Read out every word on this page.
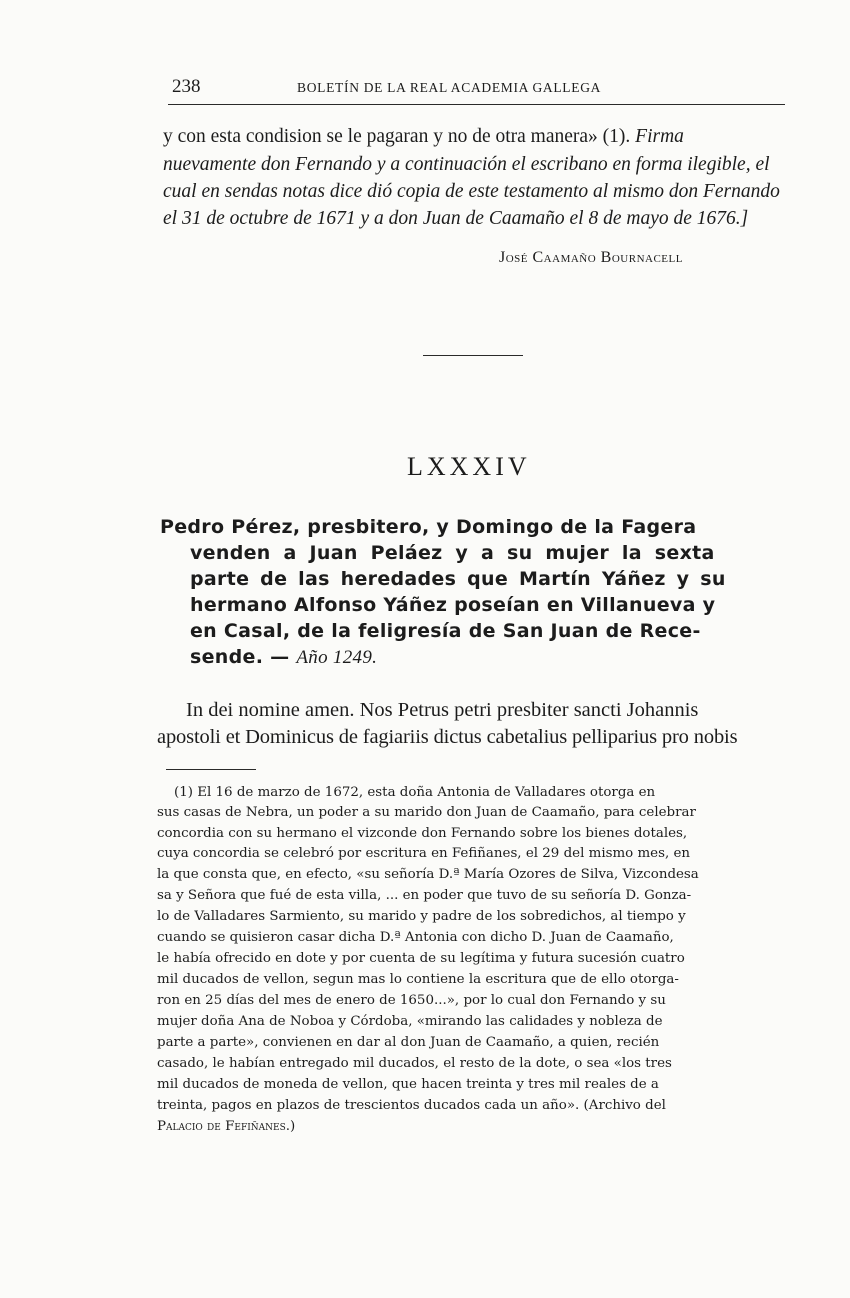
238	BOLETÍN DE LA REAL ACADEMIA GALLEGA
y con esta condision se le pagaran y no de otra manera» (1). Firma
nuevamente don Fernando y a continuación el escribano en forma ilegible, el
cual en sendas notas dice dió copia de este testamento al mismo don Fernando
el 31 de octubre de 1671 y a don Juan de Caamaño el 8 de mayo de 1676.]
José Caamaño Bournacell
LXXXIV
Pedro Pérez, presbitero, y Domingo de la Fagera
venden a Juan Peláez y a su mujer la sexta
parte de las heredades que Martín Yáñez y su
hermano Alfonso Yáñez poseían en Villanueva y
en Casal, de la feligresía de San Juan de Rece-
sende. — Año 1249.
In dei nomine amen. Nos Petrus petri presbiter sancti Johannis
apostoli et Dominicus de fagiariis dictus cabetalius pelliparius pro nobis
(1) El 16 de marzo de 1672, esta doña Antonia de Valladares otorga en
sus casas de Nebra, un poder a su marido don Juan de Caamaño, para celebrar
concordia con su hermano el vizconde don Fernando sobre los bienes dotales,
cuya concordia se celebró por escritura en Fefiñanes, el 29 del mismo mes, en
la que consta que, en efecto, «su señoría D.ª María Ozores de Silva, Vizcondesa
sa y Señora que fué de esta villa, ... en poder que tuvo de su señoría D. Gonza-
lo de Valladares Sarmiento, su marido y padre de los sobredichos, al tiempo y
cuando se quisieron casar dicha D.ª Antonia con dicho D. Juan de Caamaño,
le había ofrecido en dote y por cuenta de su legítima y futura sucesión cuatro
mil ducados de vellon, segun mas lo contiene la escritura que de ello otorga-
ron en 25 días del mes de enero de 1650...», por lo cual don Fernando y su
mujer doña Ana de Noboa y Córdoba, «mirando las calidades y nobleza de
parte a parte», convienen en dar al don Juan de Caamaño, a quien, recién
casado, le habían entregado mil ducados, el resto de la dote, o sea «los tres
mil ducados de moneda de vellon, que hacen treinta y tres mil reales de a
treinta, pagos en plazos de trescientos ducados cada un año». (Archivo del
Palacio de Fefiñanes.)
